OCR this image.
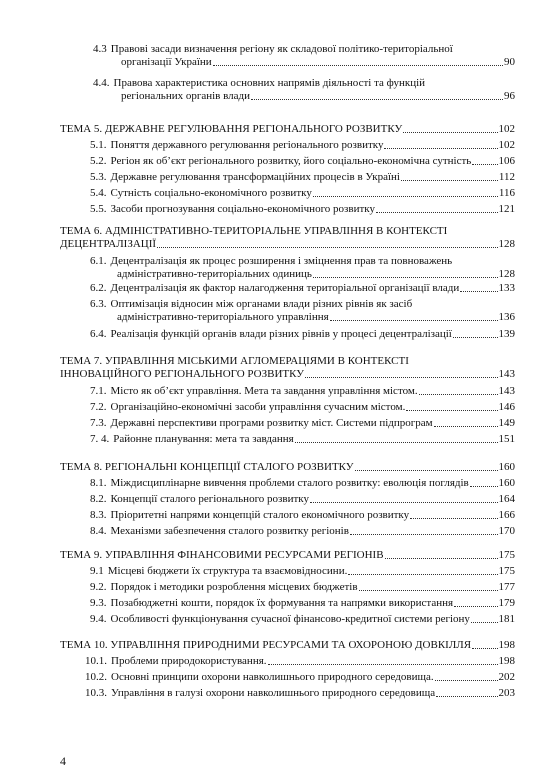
4.3 Правові засади визначення регіону як складової політико-територіальної
організації України	90
4.4. Правова характеристика основних напрямів діяльності та функцій
регіональних органів влади	96
ТЕМА 5. ДЕРЖАВНЕ РЕГУЛЮВАННЯ РЕГІОНАЛЬНОГО РОЗВИТКУ	102
5.1. Поняття державного регулювання регіонального розвитку	102
5.2. Регіон як об’єкт регіонального розвитку, його соціально-економічна сутність 106
5.3. Державне регулювання трансформаційних процесів в Україні	112
5.4. Сутність соціально-економічного розвитку	116
5.5. Засоби прогнозування соціально-економічного розвитку	121
ТЕМА 6. АДМІНІСТРАТИВНО-ТЕРИТОРІАЛЬНЕ УПРАВЛІННЯ В КОНТЕКСТІ
ДЕЦЕНТРАЛІЗАЦІЇ	128
6.1. Децентралізація як процес розширення і зміцнення прав та повноважень
адміністративно-територіальних одиниць	128
6.2. Децентралізація як фактор налагодження територіальної організації влади	133
6.3. Оптимізація відносин між органами влади різних рівнів як засіб
адміністративно-територіального управління	136
6.4. Реалізація функцій органів влади різних рівнів у процесі децентралізації	139
ТЕМА 7. УПРАВЛІННЯ МІСЬКИМИ АГЛОМЕРАЦІЯМИ В КОНТЕКСТІ
ІННОВАЦІЙНОГО РЕГІОНАЛЬНОГО РОЗВИТКУ	143
7.1. Місто як об’єкт управління. Мета та завдання управління містом.	143
7.2. Організаційно-економічні засоби управління сучасним містом.	146
7.3. Державні перспективи програми розвитку міст. Системи підпрограм	149
7. 4. Районне планування: мета та завдання	151
ТЕМА 8. РЕГІОНАЛЬНІ КОНЦЕПЦІЇ СТАЛОГО РОЗВИТКУ	160
8.1. Міждисциплінарне вивчення проблеми сталого розвитку: еволюція поглядів	160
8.2. Концепції сталого регіонального розвитку	164
8.3. Пріоритетні напрями концепцій сталого економічного розвитку	166
8.4. Механізми забезпечення сталого розвитку регіонів	170
ТЕМА 9. УПРАВЛІННЯ ФІНАНСОВИМИ РЕСУРСАМИ РЕГІОНІВ	175
9.1 Місцеві бюджети їх структура та взаємовідносини.	175
9.2. Порядок і методики розроблення місцевих бюджетів	177
9.3. Позабюджетні кошти, порядок їх формування та напрямки використання	179
9.4. Особливості функціонування сучасної фінансово-кредитної системи регіону	181
ТЕМА 10. УПРАВЛІННЯ ПРИРОДНИМИ РЕСУРСАМИ ТА ОХОРОНОЮ ДОВКІЛЛЯ 198
10.1. Проблеми природокористування.	198
10.2. Основні принципи охорони навколишнього природного середовища.	202
10.3. Управління в галузі охорони навколишнього природного середовища	203
4
